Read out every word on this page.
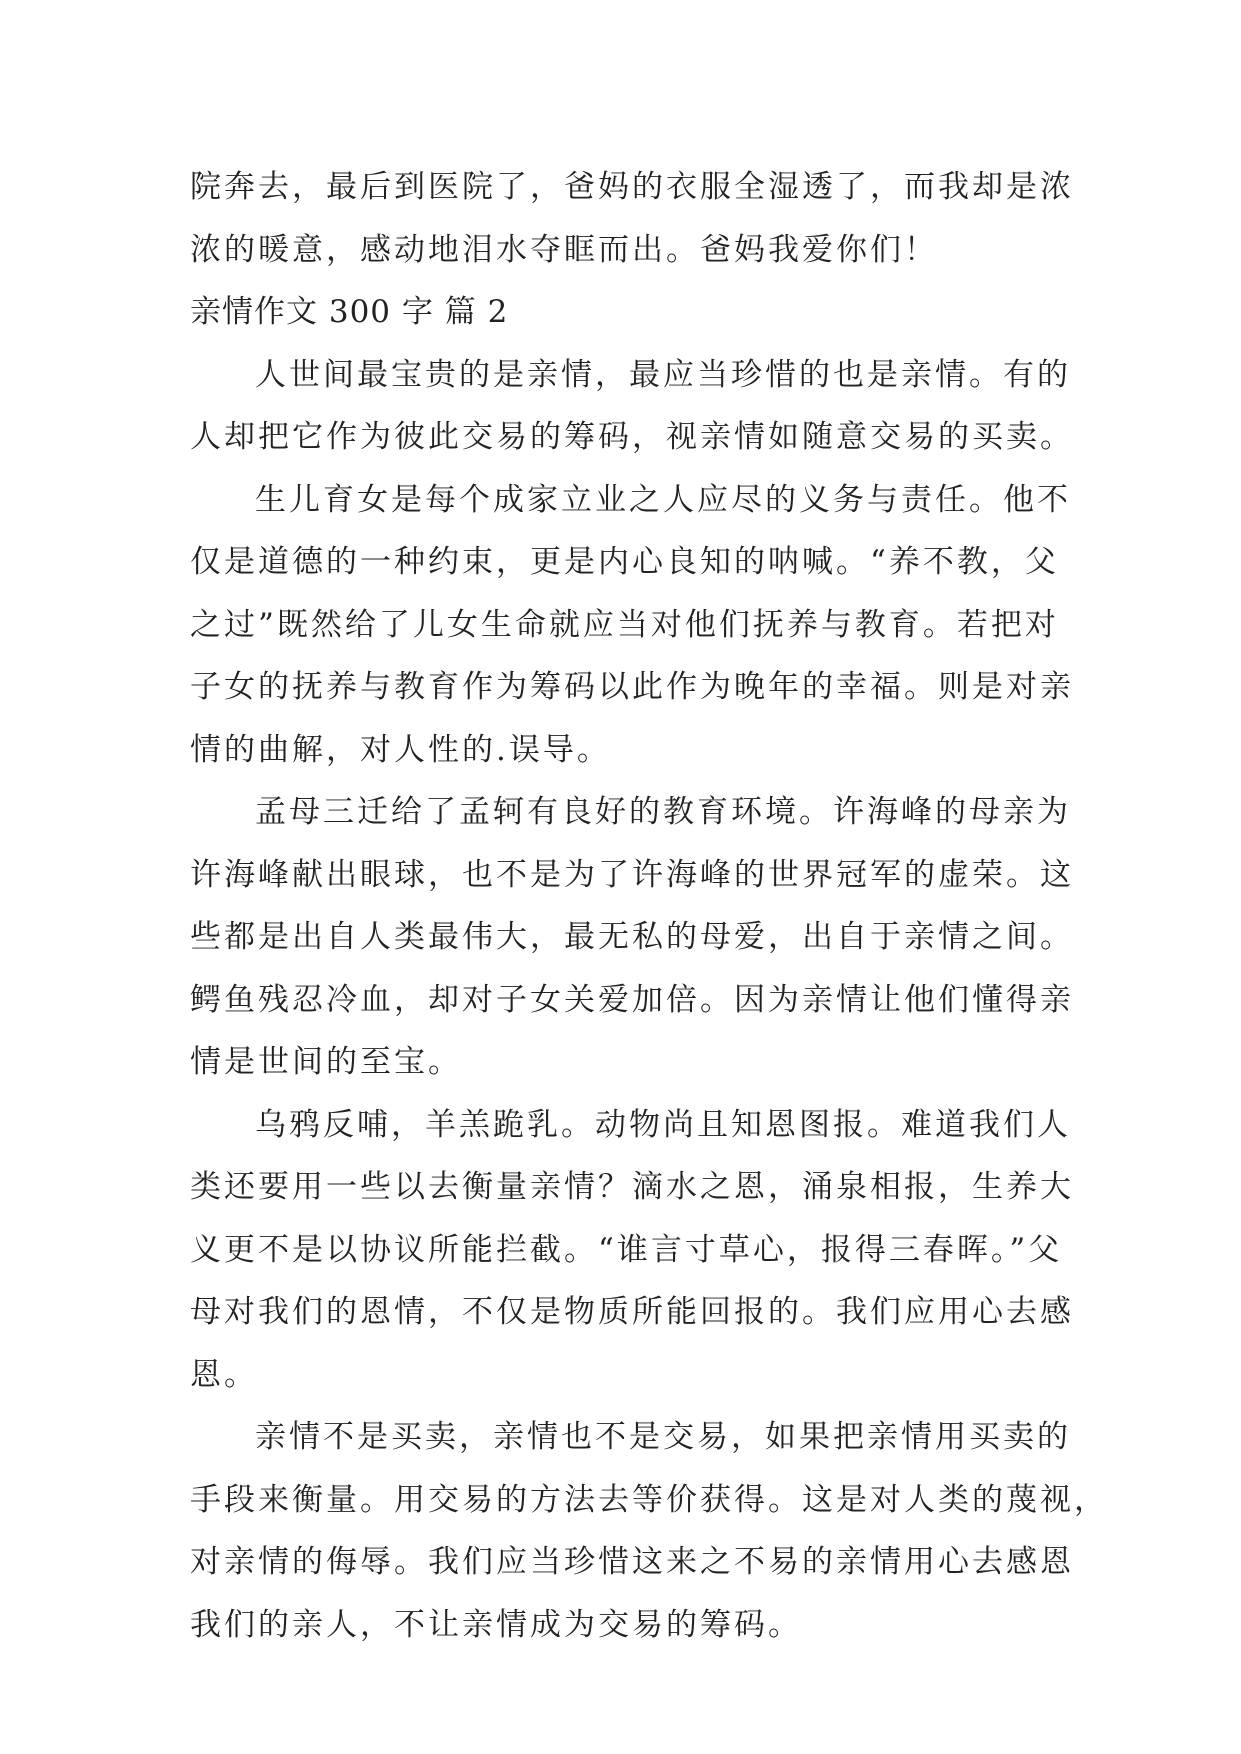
院奔去，最后到医院了，爸妈的衣服全湿透了，而我却是浓

浓的暖意，感动地泪水夺眶而出。爸妈我爱你们！

亲情作文 300 字 篇 2

人世间最宝贵的是亲情，最应当珍惜的也是亲情。有的

人却把它作为彼此交易的筹码，视亲情如随意交易的买卖。

生儿育女是每个成家立业之人应尽的义务与责任。他不

仅是道德的一种约束，更是内心良知的呐喊。“养不教，父

之过”既然给了儿女生命就应当对他们抚养与教育。若把对

子女的抚养与教育作为筹码以此作为晚年的幸福。则是对亲

情的曲解，对人性的.误导。

孟母三迁给了孟轲有良好的教育环境。许海峰的母亲为

许海峰献出眼球，也不是为了许海峰的世界冠军的虚荣。这

些都是出自人类最伟大，最无私的母爱，出自于亲情之间。

鳄鱼残忍冷血，却对子女关爱加倍。因为亲情让他们懂得亲

情是世间的至宝。

乌鸦反哺，羊羔跪乳。动物尚且知恩图报。难道我们人

类还要用一些以去衡量亲情？滴水之恩，涌泉相报，生养大

义更不是以协议所能拦截。“谁言寸草心，报得三春晖。”父

母对我们的恩情，不仅是物质所能回报的。我们应用心去感

恩。

亲情不是买卖，亲情也不是交易，如果把亲情用买卖的

手段来衡量。用交易的方法去等价获得。这是对人类的蔑视，

对亲情的侮辱。我们应当珍惜这来之不易的亲情用心去感恩

我们的亲人，不让亲情成为交易的筹码。
